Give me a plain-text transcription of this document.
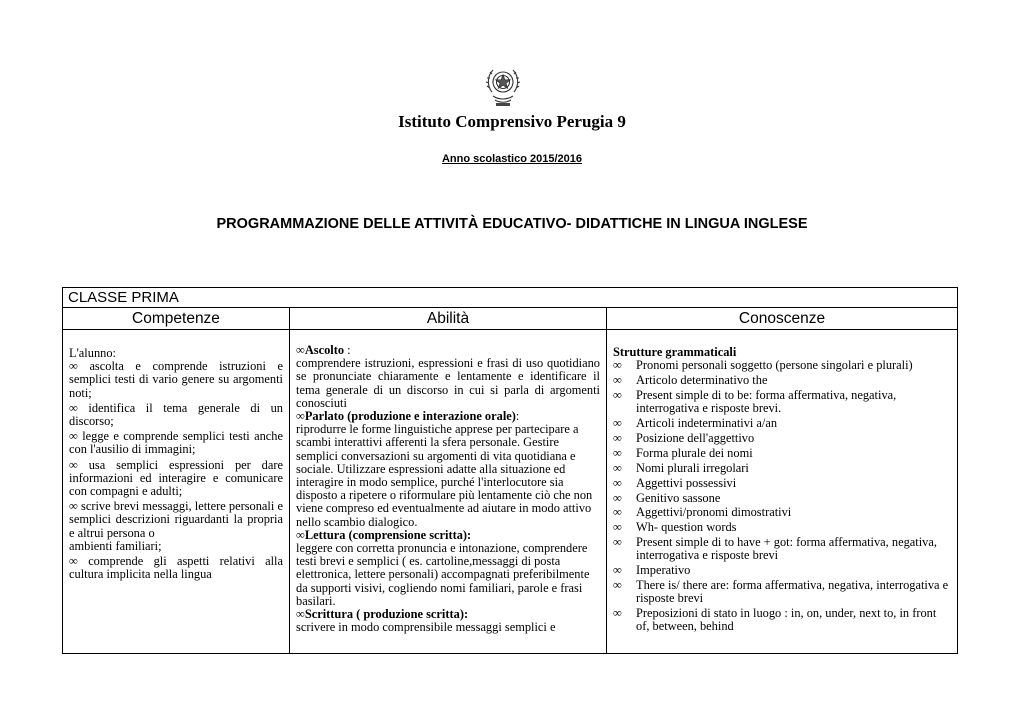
Istituto Comprensivo Perugia 9
Anno scolastico 2015/2016
PROGRAMMAZIONE DELLE ATTIVITÀ EDUCATIVO- DIDATTICHE IN LINGUA INGLESE
CLASSE PRIMA
Competenze	Abilità	Conoscenze

L'alunno:

∞ ascolta e comprende istruzioni e semplici testi di vario genere su argomenti noti;

∞ identifica il tema generale di un discorso;

∞ legge e comprende semplici testi anche con l'ausilio di immagini;

∞ usa semplici espressioni per dare informazioni ed interagire e comunicare con compagni e adulti;

∞ scrive brevi messaggi, lettere personali e semplici descrizioni riguardanti la propria e altrui persona o

ambienti familiari;

∞ comprende gli aspetti relativi alla cultura implicita nella lingua

∞Ascolto :

comprendere istruzioni, espressioni e frasi di uso quotidiano se pronunciate chiaramente e lentamente e identificare il tema generale di un discorso in cui si parla di argomenti conosciuti

∞Parlato (produzione e interazione orale):

riprodurre le forme linguistiche apprese per partecipare a scambi interattivi afferenti la sfera personale. Gestire semplici conversazioni su argomenti di vita quotidiana e sociale. Utilizzare espressioni adatte alla situazione ed interagire in modo semplice, purché l'interlocutore sia disposto a ripetere o riformulare più lentamente ciò che non viene compreso ed eventualmente ad aiutare in modo attivo nello scambio dialogico.

∞Lettura (comprensione scritta):

leggere con corretta pronuncia e intonazione, comprendere testi brevi e semplici ( es. cartoline,messaggi di posta elettronica, lettere personali) accompagnati preferibilmente da supporti visivi, cogliendo nomi familiari, parole e frasi basilari.

∞Scrittura ( produzione scritta):

scrivere in modo comprensibile messaggi semplici e

Strutture grammaticali
∞ Pronomi personali soggetto (persone singolari e plurali)
∞ Articolo determinativo the
∞ Present simple di to be: forma affermativa, negativa, interrogativa e risposte brevi.
∞ Articoli indeterminativi a/an
∞ Posizione dell'aggettivo
∞ Forma plurale dei nomi
∞ Nomi plurali irregolari
∞ Aggettivi possessivi
∞ Genitivo sassone
∞ Aggettivi/pronomi dimostrativi
∞ Wh- question words
∞ Present simple di to have + got: forma affermativa, negativa, interrogativa e risposte brevi
∞ Imperativo
∞ There is/ there are: forma affermativa, negativa, interrogativa e risposte brevi
∞ Preposizioni di stato in luogo : in, on, under, next to, in front of, between, behind
